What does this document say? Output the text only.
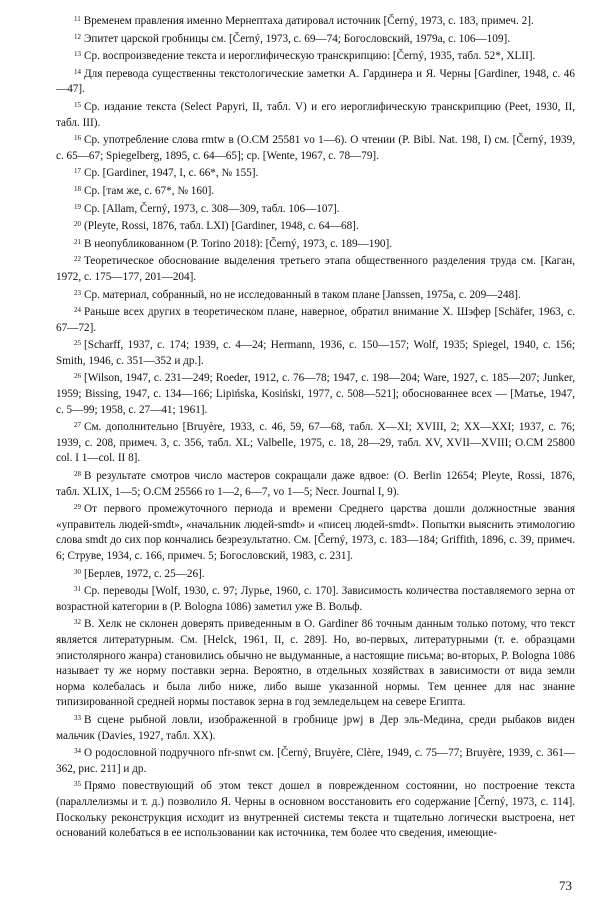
$^{11}$ Временем правления именно Мернептаха датировал источник [Černý, 1973, с. 183, примеч. 2].

$^{12}$ Эпитет царской гробницы см. [Černý, 1973, с. 69—74; Богословский, 1979а, с. 106—109].

$^{13}$ Ср. воспроизведение текста и иероглифическую транскрипцию: [Černý, 1935, табл. 52*, XLII].

$^{14}$ Для перевода существенны текстологические заметки А. Гардинера и Я. Черны [Gardiner, 1948, с. 46—47].

$^{15}$ Ср. издание текста (Select Papyri, II, табл. V) и его иероглифическую транскрипцию (Peet, 1930, II, табл. III).

$^{16}$ Ср. употребление слова rmtw в (O.CM 25581 vo 1—6). О чтении (P. Bibl. Nat. 198, I) см. [Černý, 1939, с. 65—67; Spiegelberg, 1895, с. 64—65]; ср. [Wente, 1967, с. 78—79].

$^{17}$ Ср. [Gardiner, 1947, I, с. 66*, № 155].

$^{18}$ Ср. [там же, с. 67*, № 160].

$^{19}$ Ср. [Allam, Černý, 1973, с. 308—309, табл. 106—107].

$^{20}$ (Pleyte, Rossi, 1876, табл. LXI) [Gardiner, 1948, с. 64—68].

$^{21}$ В неопубликованном (P. Torino 2018): [Černý, 1973, с. 189—190].

$^{22}$ Теоретическое обоснование выделения третьего этапа общественного разделения труда см. [Каган, 1972, с. 175—177, 201—204].

$^{23}$ Ср. материал, собранный, но не исследованный в таком плане [Janssen, 1975а, с. 209—248].

$^{24}$ Раньше всех других в теоретическом плане, наверное, обратил внимание Х. Шэфер [Schäfer, 1963, с. 67—72].

$^{25}$ [Scharff, 1937, с. 174; 1939, с. 4—24; Hermann, 1936, с. 150—157; Wolf, 1935; Spiegel, 1940, с. 156; Smith, 1946, с. 351—352 и др.].

$^{26}$ [Wilson, 1947, с. 231—249; Roeder, 1912, с. 76—78; 1947, с. 198—204; Ware, 1927, с. 185—207; Junker, 1959; Bissing, 1947, с. 134—166; Lipińska, Kosiński, 1977, с. 508—521]; обоснованнее всех — [Матье, 1947, с. 5—99; 1958, с. 27—41; 1961].

$^{27}$ См. дополнительно [Bruyère, 1933, с. 46, 59, 67—68, табл. X—XI; XVIII, 2; XX—XXI; 1937, с. 76; 1939, с. 208, примеч. 3, с. 356, табл. XL; Valbelle, 1975, с. 18, 28—29, табл. XV, XVII—XVIII; O.CM 25800 col. I 1—col. II 8].

$^{28}$ В результате смотров число мастеров сокращали даже вдвое: (O. Berlin 12654; Pleyte, Rossi, 1876, табл. XLIX, 1—5; O.CM 25566 ro 1—2, 6—7, vo 1—5; Necr. Journal I, 9).

$^{29}$ От первого промежуточного периода и времени Среднего царства дошли должностные звания «управитель людей-smdt», «начальник людей-smdt» и «писец людей-smdt». Попытки выяснить этимологию слова smdt до сих пор кончались безрезультатно. См. [Černý, 1973, с. 183—184; Griffith, 1896, с. 39, примеч. 6; Струве, 1934, с. 166, примеч. 5; Богословский, 1983, с. 231].

$^{30}$ [Берлев, 1972, с. 25—26].

$^{31}$ Ср. переводы [Wolf, 1930, с. 97; Лурье, 1960, с. 170]. Зависимость количества поставляемого зерна от возрастной категории в (P. Bologna 1086) заметил уже В. Вольф.

$^{32}$ В. Хелк не склонен доверять приведенным в O. Gardiner 86 точным данным только потому, что текст является литературным. См. [Helck, 1961, II, с. 289]. Но, во-первых, литературными (т. е. образцами эпистолярного жанра) становились обычно не выдуманные, а настоящие письма; во-вторых, P. Bologna 1086 называет ту же норму поставки зерна. Вероятно, в отдельных хозяйствах в зависимости от вида земли норма колебалась и была либо ниже, либо выше указанной нормы. Тем ценнее для нас знание типизированной средней нормы поставок зерна в год земледельцем на севере Египта.

$^{33}$ В сцене рыбной ловли, изображенной в гробнице jpwj в Дер эль-Медина, среди рыбаков виден мальчик (Davies, 1927, табл. XX).

$^{34}$ О родословной подручного nfr-snwt см. [Černý, Bruyère, Clère, 1949, с. 75—77; Bruyère, 1939, с. 361—362, рис. 211] и др.

$^{35}$ Прямо повествующий об этом текст дошел в поврежденном состоянии, но построение текста (параллелизмы и т. д.) позволило Я. Черны в основном восстановить его содержание [Černý, 1973, с. 114]. Поскольку реконструкция исходит из внутренней системы текста и тщательно логически выстроена, нет оснований колебаться в ее использовании как источника, тем более что сведения, имеющие-

73
